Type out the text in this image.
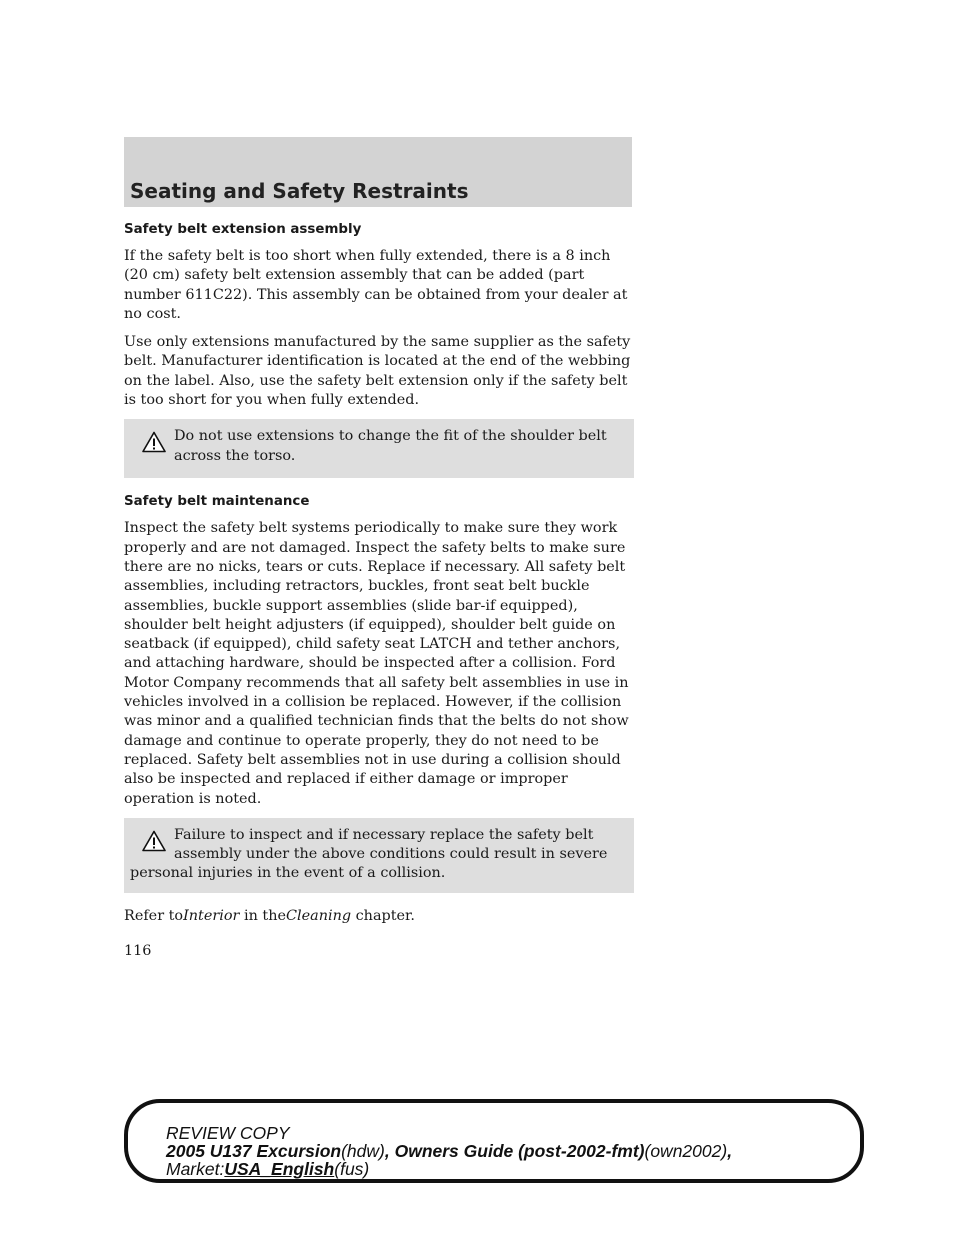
Seating and Safety Restraints
Safety belt extension assembly

If the safety belt is too short when fully extended, there is a 8 inch (20 cm) safety belt extension assembly that can be added (part number 611C22). This assembly can be obtained from your dealer at no cost.

Use only extensions manufactured by the same supplier as the safety belt. Manufacturer identification is located at the end of the webbing on the label. Also, use the safety belt extension only if the safety belt is too short for you when fully extended.

Do not use extensions to change the fit of the shoulder belt across the torso.
Safety belt maintenance

Inspect the safety belt systems periodically to make sure they work properly and are not damaged. Inspect the safety belts to make sure there are no nicks, tears or cuts. Replace if necessary. All safety belt assemblies, including retractors, buckles, front seat belt buckle assemblies, buckle support assemblies (slide bar-if equipped), shoulder belt height adjusters (if equipped), shoulder belt guide on seatback (if equipped), child safety seat LATCH and tether anchors, and attaching hardware, should be inspected after a collision. Ford Motor Company recommends that all safety belt assemblies in use in vehicles involved in a collision be replaced. However, if the collision was minor and a qualified technician finds that the belts do not show damage and continue to operate properly, they do not need to be replaced. Safety belt assemblies not in use during a collision should also be inspected and replaced if either damage or improper operation is noted.

Failure to inspect and if necessary replace the safety belt
assembly under the above conditions could result in severe
personal injuries in the event of a collision.

Refer toInterior in theCleaning chapter.

116
REVIEW COPY
2005 U137 Excursion(hdw), Owners Guide (post-2002-fmt)(own2002),
Market:USA_English(fus)
